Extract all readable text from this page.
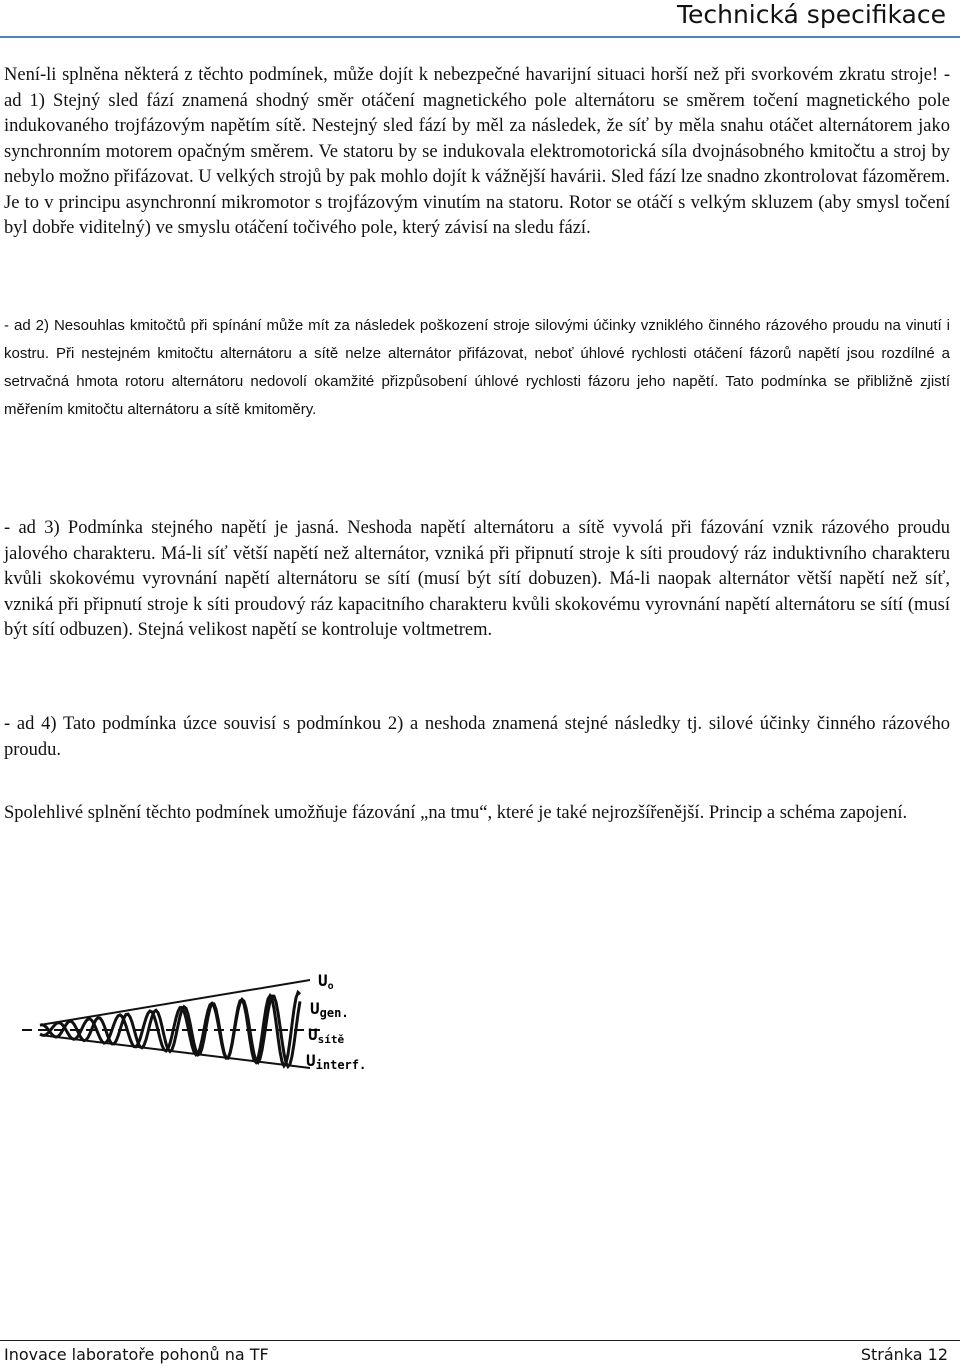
Technická specifikace

Není-li splněna některá z těchto podmínek, může dojít k nebezpečné havarijní situaci horší než při svorkovém zkratu stroje! - ad 1) Stejný sled fází znamená shodný směr otáčení magnetického pole alternátoru se směrem točení magnetického pole indukovaného trojfázovým napětím sítě. Nestejný sled fází by měl za následek, že síť by měla snahu otáčet alternátorem jako synchronním motorem opačným směrem. Ve statoru by se indukovala elektromotorická síla dvojnásobného kmitočtu a stroj by nebylo možno přifázovat. U velkých strojů by pak mohlo dojít k vážnější havárii. Sled fází lze snadno zkontrolovat fázoměrem. Je to v principu asynchronní mikromotor s trojfázovým vinutím na statoru. Rotor se otáčí s velkým skluzem (aby smysl točení byl dobře viditelný) ve smyslu otáčení točivého pole, který závisí na sledu fází.

- ad 2) Nesouhlas kmitočtů při spínání může mít za následek poškození stroje silovými účinky vzniklého činného rázového proudu na vinutí i kostru. Při nestejném kmitočtu alternátoru a sítě nelze alternátor přifázovat, neboť úhlové rychlosti otáčení fázorů napětí jsou rozdílné a setrvačná hmota rotoru alternátoru nedovolí okamžité přizpůsobení úhlové rychlosti fázoru jeho napětí. Tato podmínka se přibližně zjistí měřením kmitočtu alternátoru a sítě kmitoměry.

- ad 3) Podmínka stejného napětí je jasná. Neshoda napětí alternátoru a sítě vyvolá při fázování vznik rázového proudu jalového charakteru. Má-li síť větší napětí než alternátor, vzniká při připnutí stroje k síti proudový ráz induktivního charakteru kvůli skokovému vyrovnání napětí alternátoru se sítí (musí být sítí dobuzen). Má-li naopak alternátor větší napětí než síť, vzniká při připnutí stroje k síti proudový ráz kapacitního charakteru kvůli skokovému vyrovnání napětí alternátoru se sítí (musí být sítí odbuzen). Stejná velikost napětí se kontroluje voltmetrem.

- ad 4) Tato podmínka úzce souvisí s podmínkou 2) a neshoda znamená stejné následky tj. silové účinky činného rázového proudu.

Spolehlivé splnění těchto podmínek umožňuje fázování „na tmu“, které je také nejrozšířenější. Princip a schéma zapojení.

Uo
Ugen.
Usítě
Uinterf.
Inovace laboratoře pohonů na TF	Stránka 12
